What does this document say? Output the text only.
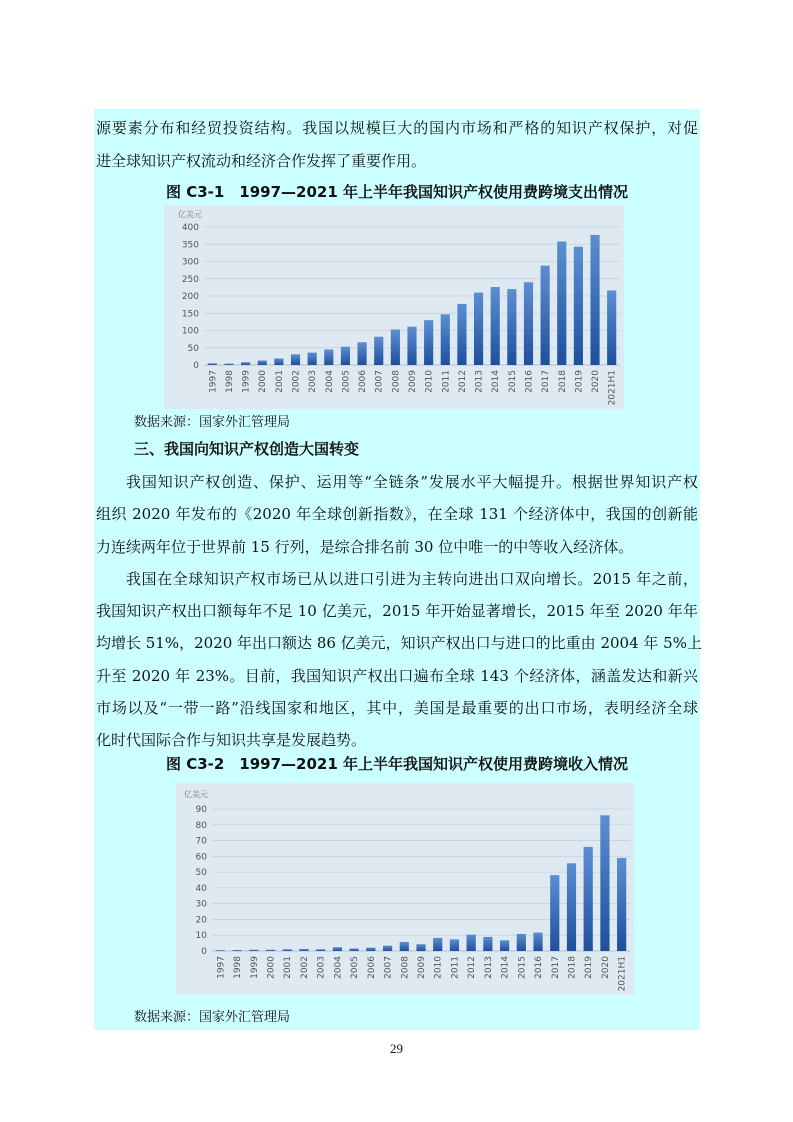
源要素分布和经贸投资结构。我国以规模巨大的国内市场和严格的知识产权保护，对促
进全球知识产权流动和经济合作发挥了重要作用。
图 C3-1　1997—2021 年上半年我国知识产权使用费跨境支出情况
亿美元
0
50
100
150
200
250
300
350
400
1997 1998 1999 2000 2001 2002 2003 2004 2005 2006 2007 2008 2009 2010 2011 2012 2013 2014 2015 2016 2017 2018 2019 2020 2021H1
数据来源：国家外汇管理局
三、我国向知识产权创造大国转变
我国知识产权创造、保护、运用等“全链条”发展水平大幅提升。根据世界知识产权
组织 2020 年发布的《2020 年全球创新指数》，在全球 131 个经济体中，我国的创新能
力连续两年位于世界前 15 行列，是综合排名前 30 位中唯一的中等收入经济体。
我国在全球知识产权市场已从以进口引进为主转向进出口双向增长。2015 年之前，
我国知识产权出口额每年不足 10 亿美元，2015 年开始显著增长，2015 年至 2020 年年
均增长 51%，2020 年出口额达 86 亿美元，知识产权出口与进口的比重由 2004 年 5%上
升至 2020 年 23%。目前，我国知识产权出口遍布全球 143 个经济体，涵盖发达和新兴
市场以及“一带一路”沿线国家和地区，其中，美国是最重要的出口市场，表明经济全球
化时代国际合作与知识共享是发展趋势。
图 C3-2　1997—2021 年上半年我国知识产权使用费跨境收入情况
亿美元
0
10
20
30
40
50
60
70
80
90
1997 1998 1999 2000 2001 2002 2003 2004 2005 2006 2007 2008 2009 2010 2011 2012 2013 2014 2015 2016 2017 2018 2019 2020 2021H1
数据来源：国家外汇管理局
29
